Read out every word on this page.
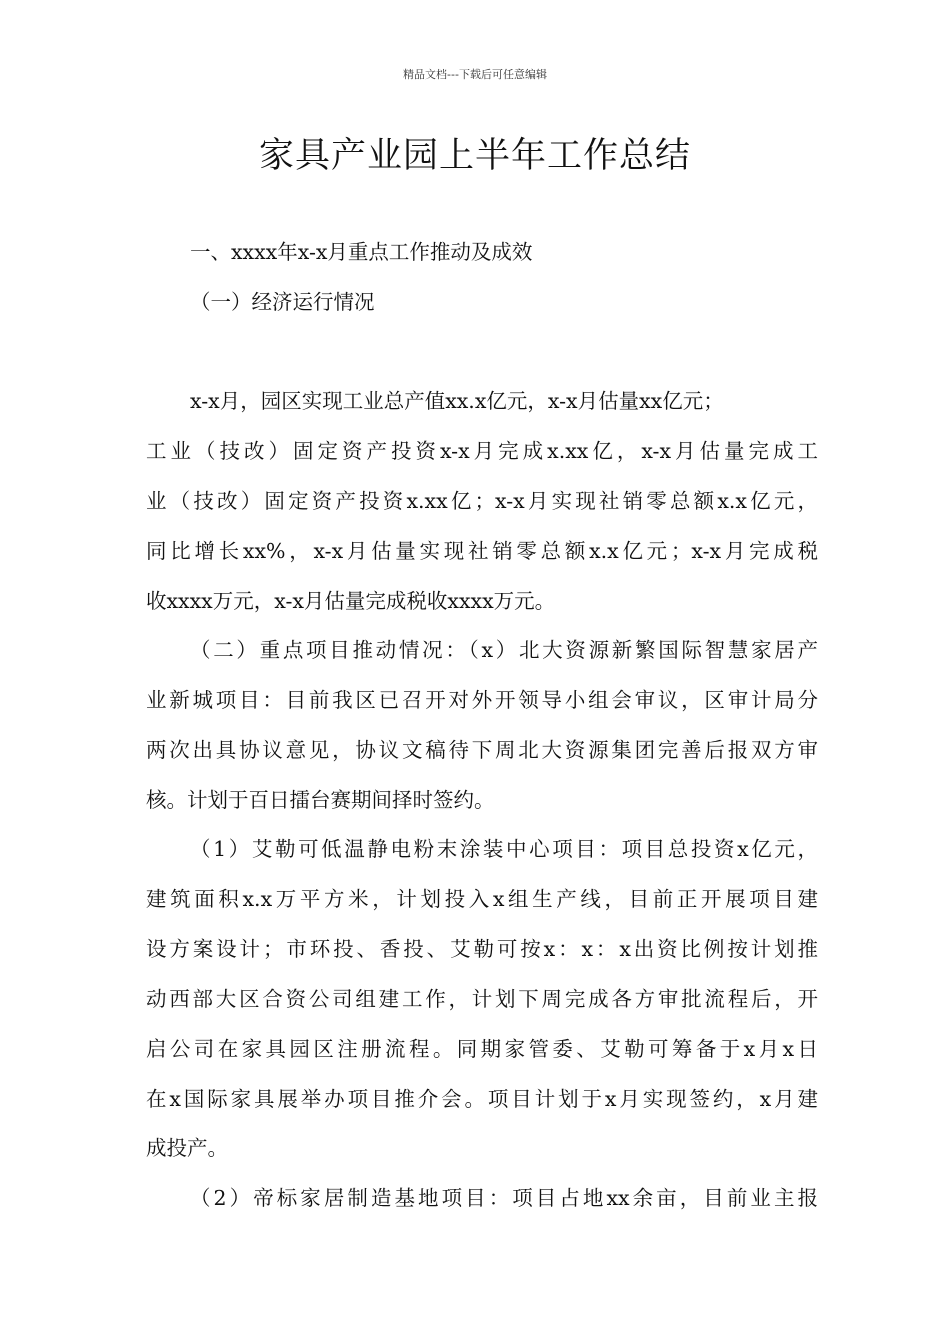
精品文档---下载后可任意编辑
家具产业园上半年工作总结
一、xxxx年x-x月重点工作推动及成效
（一）经济运行情况
x-x月，园区实现工业总产值xx.x亿元，x-x月估量xx亿元；
工业（技改）固定资产投资x-x月完成x.xx亿，x-x月估量完成工
业（技改）固定资产投资x.xx亿；x-x月实现社销零总额x.x亿元，
同比增长xx%，x-x月估量实现社销零总额x.x亿元；x-x月完成税
收xxxx万元，x-x月估量完成税收xxxx万元。
（二）重点项目推动情况：（x）北大资源新繁国际智慧家居产
业新城项目：目前我区已召开对外开领导小组会审议，区审计局分
两次出具协议意见，协议文稿待下周北大资源集团完善后报双方审
核。计划于百日擂台赛期间择时签约。
（1）艾勒可低温静电粉末涂装中心项目：项目总投资x亿元，
建筑面积x.x万平方米，计划投入x组生产线，目前正开展项目建
设方案设计；市环投、香投、艾勒可按x：x：x出资比例按计划推
动西部大区合资公司组建工作，计划下周完成各方审批流程后，开
启公司在家具园区注册流程。同期家管委、艾勒可筹备于x月x日
在x国际家具展举办项目推介会。项目计划于x月实现签约，x月建
成投产。
（2）帝标家居制造基地项目：项目占地xx余亩，目前业主报
